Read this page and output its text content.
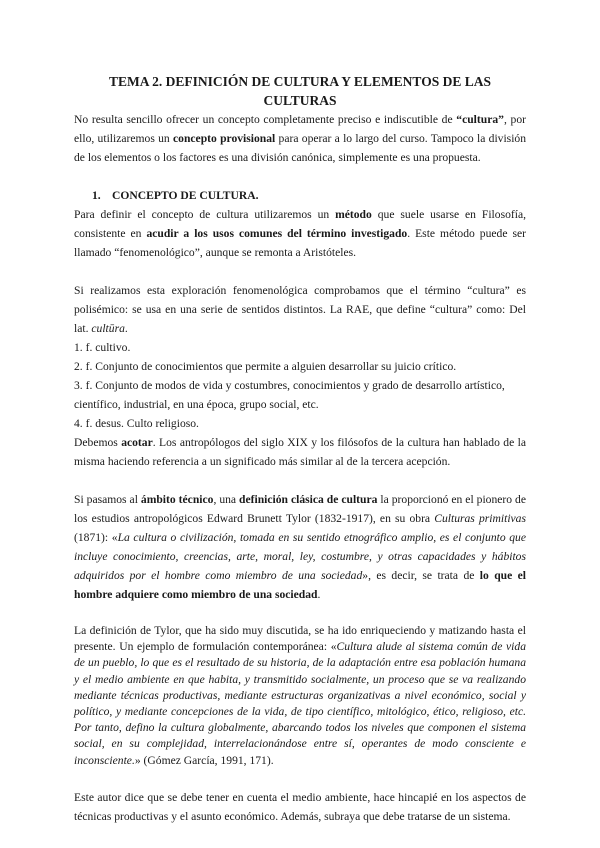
TEMA 2. DEFINICIÓN DE CULTURA Y ELEMENTOS DE LAS
CULTURAS

No resulta sencillo ofrecer un concepto completamente preciso e indiscutible de “cultura”, por ello, utilizaremos un concepto provisional para operar a lo largo del curso. Tampoco la división de los elementos o los factores es una división canónica, simplemente es una propuesta.

1. CONCEPTO DE CULTURA.

Para definir el concepto de cultura utilizaremos un método que suele usarse en Filosofía, consistente en acudir a los usos comunes del término investigado. Este método puede ser llamado “fenomenológico”, aunque se remonta a Aristóteles.

Si realizamos esta exploración fenomenológica comprobamos que el término “cultura” es polisémico: se usa en una serie de sentidos distintos. La RAE, que define “cultura” como: Del lat. cultūra.

1. f. cultivo.
2. f. Conjunto de conocimientos que permite a alguien desarrollar su juicio crítico.
3. f. Conjunto de modos de vida y costumbres, conocimientos y grado de desarrollo artístico, científico, industrial, en una época, grupo social, etc.
4. f. desus. Culto religioso.

Debemos acotar. Los antropólogos del siglo XIX y los filósofos de la cultura han hablado de la misma haciendo referencia a un significado más similar al de la tercera acepción.

Si pasamos al ámbito técnico, una definición clásica de cultura la proporcionó en el pionero de los estudios antropológicos Edward Brunett Tylor (1832-1917), en su obra Culturas primitivas (1871): «La cultura o civilización, tomada en su sentido etnográfico amplio, es el conjunto que incluye conocimiento, creencias, arte, moral, ley, costumbre, y otras capacidades y hábitos adquiridos por el hombre como miembro de una sociedad», es decir, se trata de lo que el hombre adquiere como miembro de una sociedad.

La definición de Tylor, que ha sido muy discutida, se ha ido enriqueciendo y matizando hasta el presente. Un ejemplo de formulación contemporánea: «Cultura alude al sistema común de vida de un pueblo, lo que es el resultado de su historia, de la adaptación entre esa población humana y el medio ambiente en que habita, y transmitido socialmente, un proceso que se va realizando mediante técnicas productivas, mediante estructuras organizativas a nivel económico, social y político, y mediante concepciones de la vida, de tipo científico, mitológico, ético, religioso, etc. Por tanto, defino la cultura globalmente, abarcando todos los niveles que componen el sistema social, en su complejidad, interrelacionándose entre sí, operantes de modo consciente e inconsciente.» (Gómez García, 1991, 171).

Este autor dice que se debe tener en cuenta el medio ambiente, hace hincapié en los aspectos de técnicas productivas y el asunto económico. Además, subraya que debe tratarse de un sistema.
